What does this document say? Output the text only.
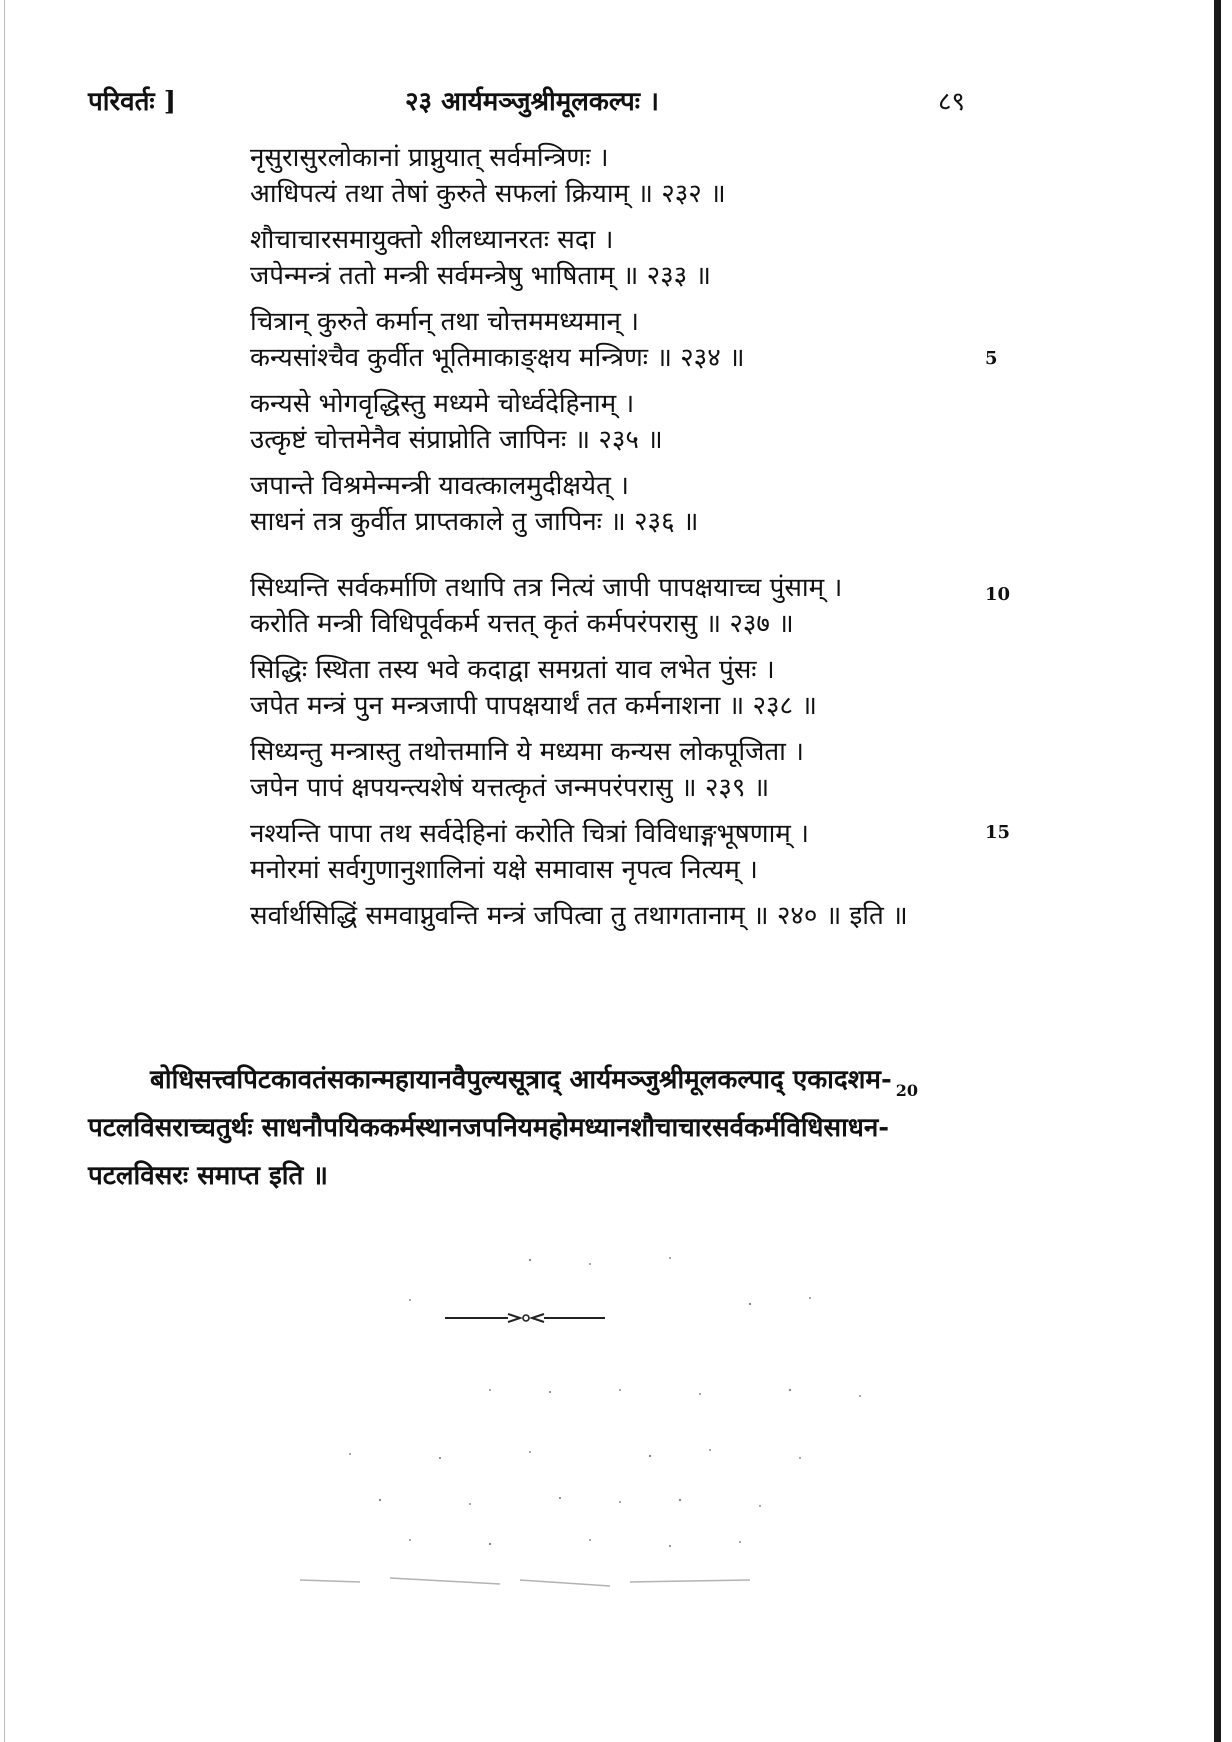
परिवर्तः ]	२३ आर्यमञ्जुश्रीमूलकल्पः ।	८९
नृसुरासुरलोकानां प्राप्नुयात् सर्वमन्त्रिणः ।
आधिपत्यं तथा तेषां कुरुते सफलां क्रियाम् ॥ २३२ ॥
शौचाचारसमायुक्तो शीलध्यानरतः सदा ।
जपेन्मन्त्रं ततो मन्त्री सर्वमन्त्रेषु भाषिताम् ॥ २३३ ॥
चित्रान् कुरुते कर्मान् तथा चोत्तममध्यमान् ।
5
कन्यसांश्चैव कुर्वीत भूतिमाकाङ्क्षय मन्त्रिणः ॥ २३४ ॥
कन्यसे भोगवृद्धिस्तु मध्यमे चोर्ध्वदेहिनाम् ।
उत्कृष्टं चोत्तमेनैव संप्राप्नोति जापिनः ॥ २३५ ॥
जपान्ते विश्रमेन्मन्त्री यावत्कालमुदीक्षयेत् ।
साधनं तत्र कुर्वीत प्राप्तकाले तु जापिनः ॥ २३६ ॥
10
सिध्यन्ति सर्वकर्माणि तथापि तत्र नित्यं जापी पापक्षयाच्च पुंसाम् ।
करोति मन्त्री विधिपूर्वकर्म यत्तत् कृतं कर्मपरंपरासु ॥ २३७ ॥
सिद्धिः स्थिता तस्य भवे कदाद्वा समग्रतां याव लभेत पुंसः ।
जपेत मन्त्रं पुन मन्त्रजापी पापक्षयार्थं तत कर्मनाशना ॥ २३८ ॥
सिध्यन्तु मन्त्रास्तु तथोत्तमानि ये मध्यमा कन्यस लोकपूजिता ।
जपेन पापं क्षपयन्त्यशेषं यत्तत्कृतं जन्मपरंपरासु ॥ २३९ ॥
15
नश्यन्ति पापा तथ सर्वदेहिनां करोति चित्रां विविधाङ्गभूषणाम् ।
मनोरमां सर्वगुणानुशालिनां यक्षे समावास नृपत्व नित्यम् ।
सर्वार्थसिद्धिं समवाप्नुवन्ति मन्त्रं जपित्वा तु तथागतानाम् ॥ २४० ॥ इति ॥
बोधिसत्त्वपिटकावतंसकान्महायानवैपुल्यसूत्राद् आर्यमञ्जुश्रीमूलकल्पाद् एकादशम- $_{20}$
पटलविसराच्चतुर्थः साधनौपयिककर्मस्थानजपनियमहोमध्यानशौचाचारसर्वकर्मविधिसाधन-
पटलविसरः समाप्त इति ॥
